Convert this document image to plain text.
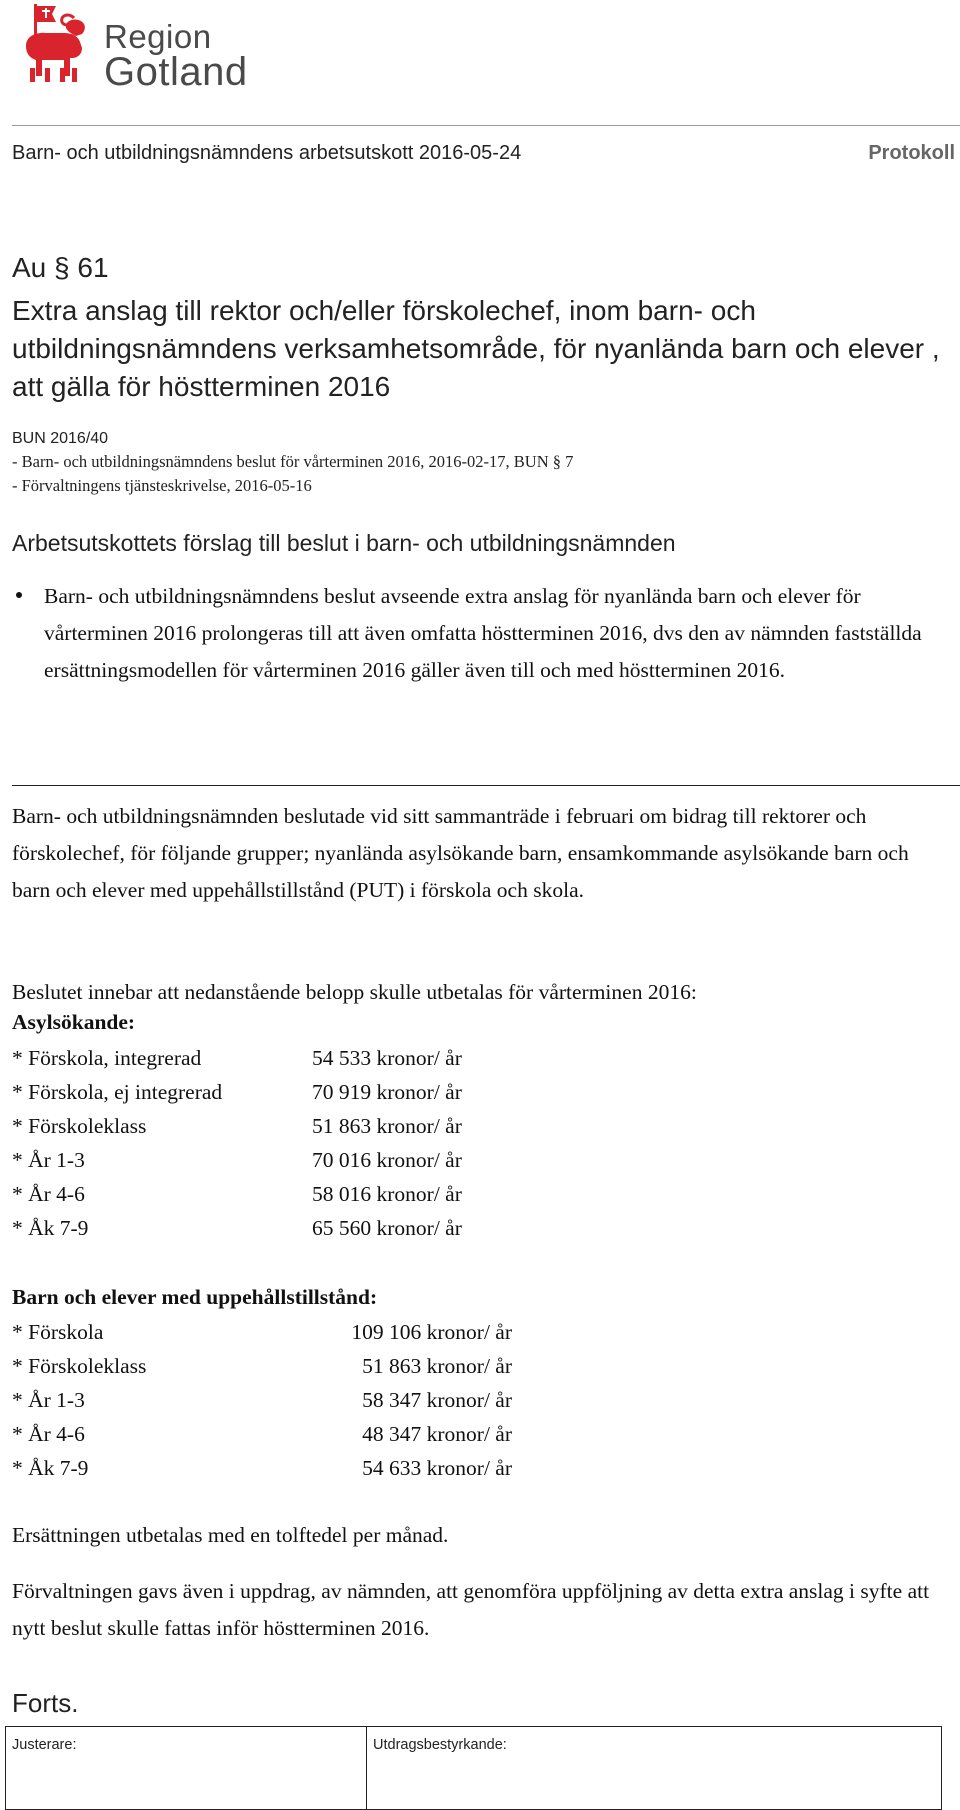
Region
Gotland
Barn- och utbildningsnämndens arbetsutskott 2016-05-24	Protokoll
Au § 61
Extra anslag till rektor och/eller förskolechef, inom barn- och utbildningsnämndens verksamhetsområde, för nyanlända barn och elever , att gälla för höstterminen 2016
BUN 2016/40
- Barn- och utbildningsnämndens beslut för vårterminen 2016, 2016-02-17, BUN § 7
- Förvaltningens tjänsteskrivelse, 2016-05-16
Arbetsutskottets förslag till beslut i barn- och utbildningsnämnden
Barn- och utbildningsnämndens beslut avseende extra anslag för nyanlända barn och elever för vårterminen 2016 prolongeras till att även omfatta höstterminen 2016, dvs den av nämnden fastställda ersättningsmodellen för vårterminen 2016 gäller även till och med höstterminen 2016.
Barn- och utbildningsnämnden beslutade vid sitt sammanträde i februari om bidrag till rektorer och förskolechef, för följande grupper; nyanlända asylsökande barn, ensamkommande asylsökande barn och barn och elever med uppehållstillstånd (PUT) i förskola och skola.
Beslutet innebar att nedanstående belopp skulle utbetalas för vårterminen 2016:
Asylsökande:
* Förskola, integrerad	54 533 kronor/ år
* Förskola, ej integrerad	70 919 kronor/ år
* Förskoleklass	51 863 kronor/ år
* År 1-3	70 016 kronor/ år
* År 4-6	58 016 kronor/ år
* Åk 7-9	65 560 kronor/ år
Barn och elever med uppehållstillstånd:
* Förskola	109 106 kronor/ år
* Förskoleklass	51 863 kronor/ år
* År 1-3	58 347 kronor/ år
* År 4-6	48 347 kronor/ år
* Åk 7-9	54 633 kronor/ år
Ersättningen utbetalas med en tolftedel per månad.
Förvaltningen gavs även i uppdrag, av nämnden, att genomföra uppföljning av detta extra anslag i syfte att nytt beslut skulle fattas inför höstterminen 2016.
Forts.
Justerare:	Utdragsbestyrkande:
